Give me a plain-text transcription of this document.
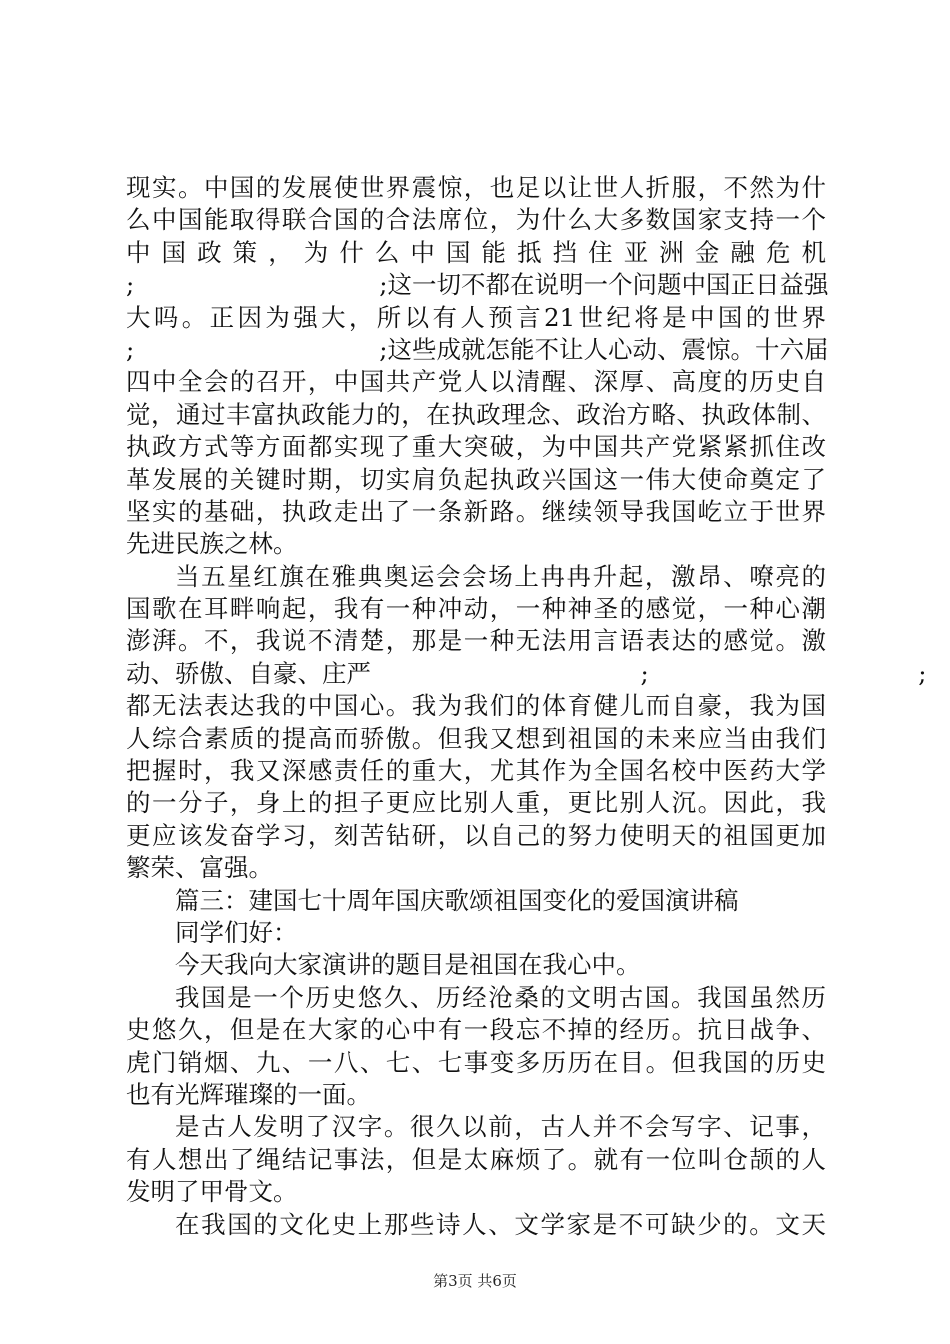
现实。中国的发展使世界震惊，也足以让世人折服，不然为什
么中国能取得联合国的合法席位，为什么大多数国家支持一个
中国政策，为什么中国能抵挡住亚洲金融危机
;　　　　　　　　　　;这一切不都在说明一个问题中国正日益强
大吗。正因为强大，所以有人预言21世纪将是中国的世界
;　　　　　　　　　　;这些成就怎能不让人心动、震惊。十六届
四中全会的召开，中国共产党人以清醒、深厚、高度的历史自
觉，通过丰富执政能力的，在执政理念、政治方略、执政体制、
执政方式等方面都实现了重大突破，为中国共产党紧紧抓住改
革发展的关键时期，切实肩负起执政兴国这一伟大使命奠定了
坚实的基础，执政走出了一条新路。继续领导我国屹立于世界
先进民族之林。
当五星红旗在雅典奥运会会场上冉冉升起，激昂、嘹亮的
国歌在耳畔响起，我有一种冲动，一种神圣的感觉，一种心潮
澎湃。不，我说不清楚，那是一种无法用言语表达的感觉。激
动、骄傲、自豪、庄严　　　　　　　　　　　;　　　　　　　　　　　;
都无法表达我的中国心。我为我们的体育健儿而自豪，我为国
人综合素质的提高而骄傲。但我又想到祖国的未来应当由我们
把握时，我又深感责任的重大，尤其作为全国名校中医药大学
的一分子，身上的担子更应比别人重，更比别人沉。因此，我
更应该发奋学习，刻苦钻研，以自己的努力使明天的祖国更加
繁荣、富强。
篇三：建国七十周年国庆歌颂祖国变化的爱国演讲稿
同学们好：
今天我向大家演讲的题目是祖国在我心中。
我国是一个历史悠久、历经沧桑的文明古国。我国虽然历
史悠久，但是在大家的心中有一段忘不掉的经历。抗日战争、
虎门销烟、九、一八、七、七事变多历历在目。但我国的历史
也有光辉璀璨的一面。
是古人发明了汉字。很久以前，古人并不会写字、记事，
有人想出了绳结记事法，但是太麻烦了。就有一位叫仓颉的人
发明了甲骨文。
在我国的文化史上那些诗人、文学家是不可缺少的。文天
第3页 共6页
